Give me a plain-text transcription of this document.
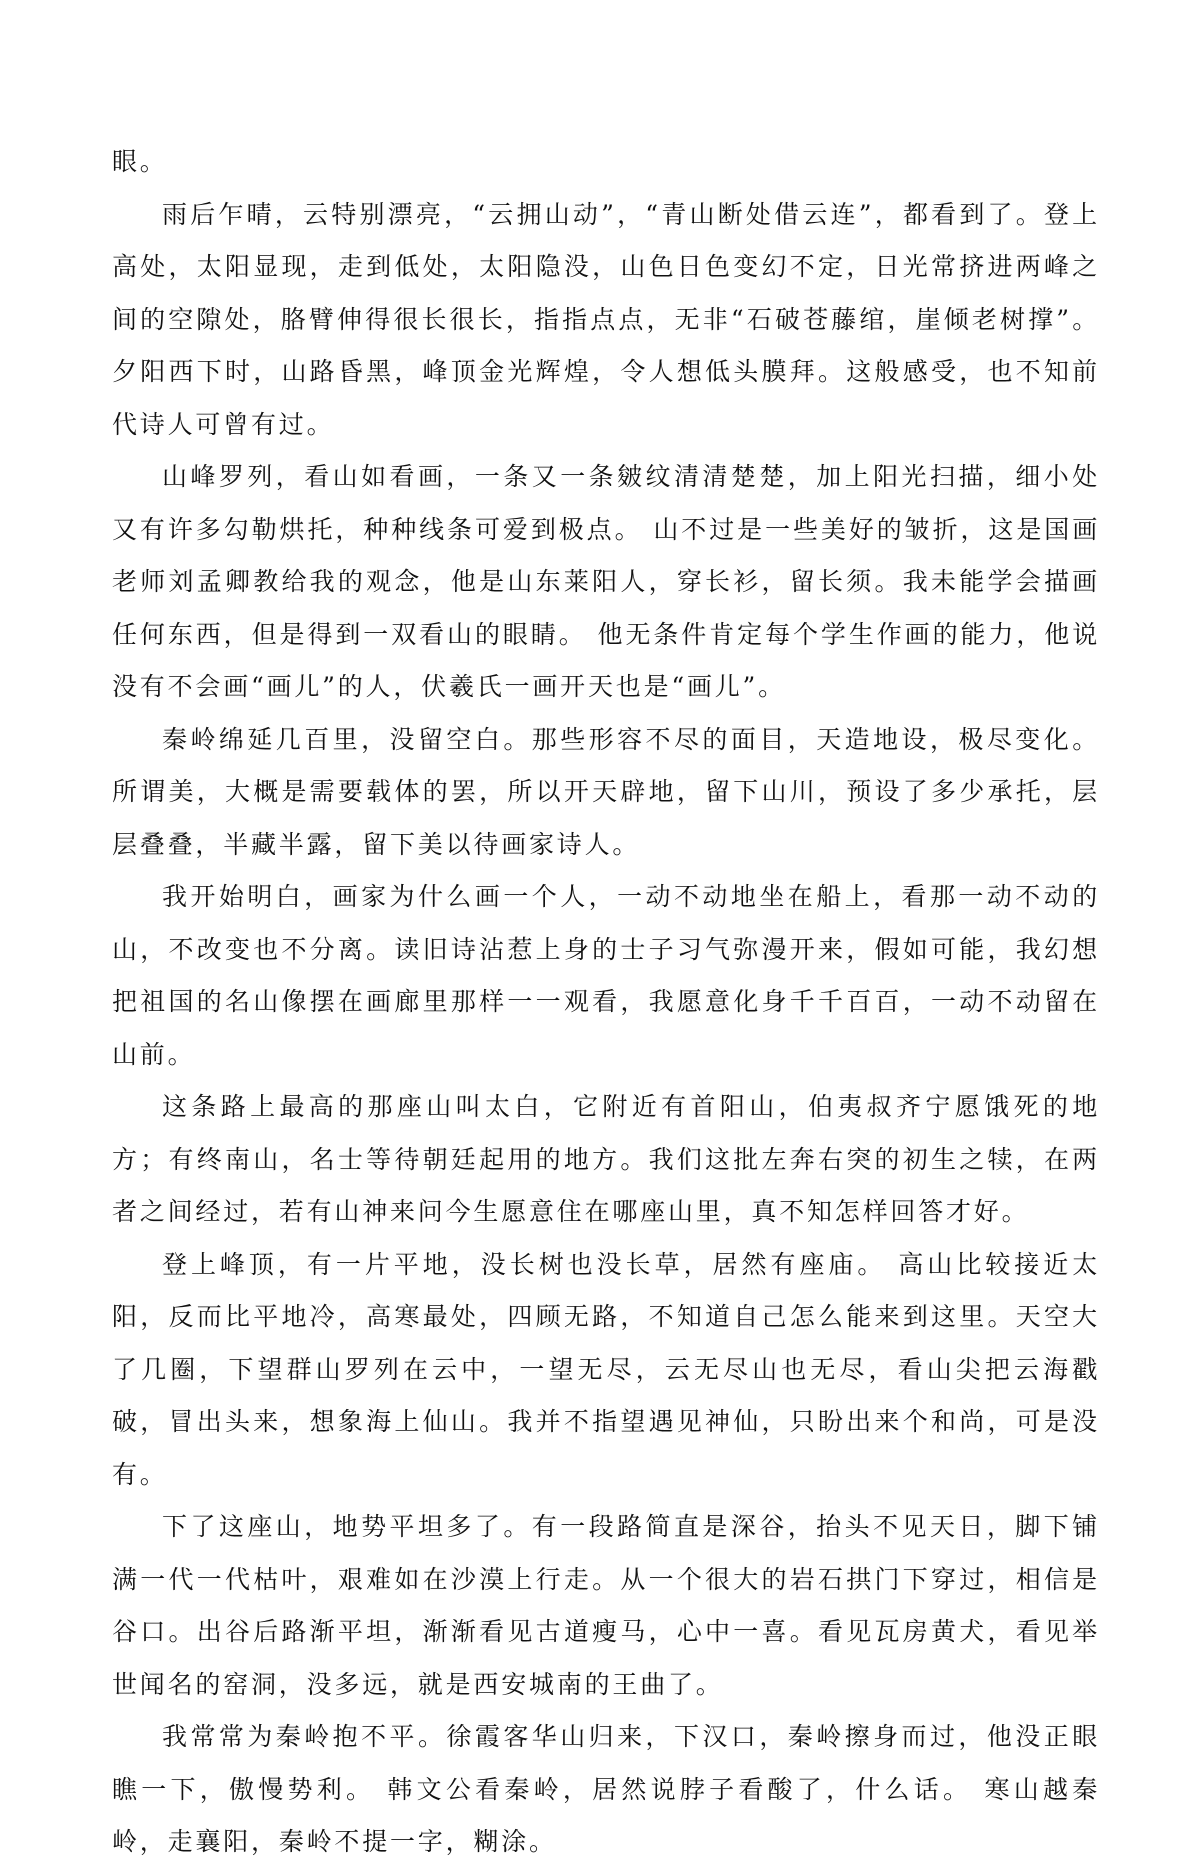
眼。

雨后乍晴，云特别漂亮，“云拥山动”，“青山断处借云连”，都看到了。登上高处，太阳显现，走到低处，太阳隐没，山色日色变幻不定，日光常挤进两峰之间的空隙处，胳臂伸得很长很长，指指点点，无非“石破苍藤绾，崖倾老树撑”。夕阳西下时，山路昏黑，峰顶金光辉煌，令人想低头膜拜。这般感受，也不知前代诗人可曾有过。

山峰罗列，看山如看画，一条又一条皴纹清清楚楚，加上阳光扫描，细小处又有许多勾勒烘托，种种线条可爱到极点。 山不过是一些美好的皱折，这是国画老师刘孟卿教给我的观念，他是山东莱阳人，穿长衫，留长须。我未能学会描画任何东西，但是得到一双看山的眼睛。 他无条件肯定每个学生作画的能力，他说没有不会画“画儿”的人，伏羲氏一画开天也是“画儿”。

秦岭绵延几百里，没留空白。那些形容不尽的面目，天造地设，极尽变化。所谓美，大概是需要载体的罢，所以开天辟地，留下山川，预设了多少承托，层层叠叠，半藏半露，留下美以待画家诗人。

我开始明白，画家为什么画一个人，一动不动地坐在船上，看那一动不动的山，不改变也不分离。读旧诗沾惹上身的士子习气弥漫开来，假如可能，我幻想把祖国的名山像摆在画廊里那样一一观看，我愿意化身千千百百，一动不动留在山前。

这条路上最高的那座山叫太白，它附近有首阳山，伯夷叔齐宁愿饿死的地方；有终南山，名士等待朝廷起用的地方。我们这批左奔右突的初生之犊，在两者之间经过，若有山神来问今生愿意住在哪座山里，真不知怎样回答才好。

登上峰顶，有一片平地，没长树也没长草，居然有座庙。 高山比较接近太阳，反而比平地冷，高寒最处，四顾无路，不知道自己怎么能来到这里。天空大了几圈，下望群山罗列在云中，一望无尽，云无尽山也无尽，看山尖把云海戳破，冒出头来，想象海上仙山。我并不指望遇见神仙，只盼出来个和尚，可是没有。

下了这座山，地势平坦多了。有一段路简直是深谷，抬头不见天日，脚下铺满一代一代枯叶，艰难如在沙漠上行走。从一个很大的岩石拱门下穿过，相信是谷口。出谷后路渐平坦，渐渐看见古道瘦马，心中一喜。看见瓦房黄犬，看见举世闻名的窑洞，没多远，就是西安城南的王曲了。

我常常为秦岭抱不平。徐霞客华山归来，下汉口，秦岭擦身而过，他没正眼瞧一下，傲慢势利。 韩文公看秦岭，居然说脖子看酸了，什么话。 寒山越秦岭，走襄阳，秦岭不提一字，糊涂。
